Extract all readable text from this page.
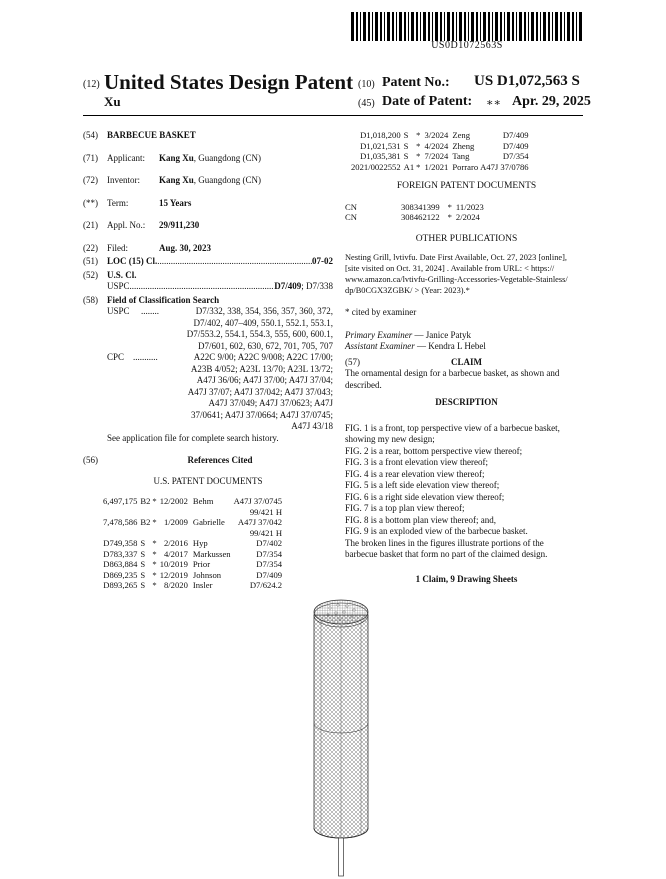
US0D1072563S
(12) United States Design Patent
Xu
(10) Patent No.: US D1,072,563 S
(45) Date of Patent: ∗∗ Apr. 29, 2025
(54)	BARBECUE BASKET
(71)	Applicant:	Kang Xu , Guangdong (CN)
(72)	Inventor:	Kang Xu , Guangdong (CN)
(**)	Term:	15 Years
(21)	Appl. No.:	29/911,230
(22)	Filed:	Aug. 30, 2023
(51)	LOC (15) Cl. .....	07-02
(52)	U.S. Cl.
USPC .....	D7/409 ; D7/338
(58)	Field of Classification Search
USPC	........	D7/332, 338, 354, 356, 357, 360, 372,
D7/402, 407–409, 550.1, 552.1, 553.1,
D7/553.2, 554.1, 554.3, 555, 600, 600.1,
D7/601, 602, 630, 672, 701, 705, 707
CPC ...........	A22C 9/00; A22C 9/008; A22C 17/00;
A23B 4/052; A23L 13/70; A23L 13/72;
A47J 36/06; A47J 37/00; A47J 37/04;
A47J 37/07; A47J 37/042; A47J 37/043;
A47J 37/049; A47J 37/0623; A47J
37/0641; A47J 37/0664; A47J 37/0745;
A47J 43/18
See application file for complete search history.
(56)	References Cited
U.S. PATENT DOCUMENTS
6,497,175	B2	*	12/2002	Behm	A47J 37/0745
99/421 H					
7,478,586	B2	*	1/2009	Gabrielle	A47J 37/042
99/421 H					
D749,358	S	*	2/2016	Hyp	D7/402
D783,337	S	*	4/2017	Markussen	D7/354
D863,884	S	*	10/2019	Prior	D7/354
D869,235	S	*	12/2019	Johnson	D7/409
D893,265	S	*	8/2020	Insler	D7/624.2
D1,018,200	S	*	3/2024	Zeng	D7/409
D1,021,531	S	*	4/2024	Zheng	D7/409
D1,035,381	S	*	7/2024	Tang	D7/354
2021/0022552	A1	*	1/2021	Porraro	A47J 37/0786
FOREIGN PATENT DOCUMENTS
CN	308341399	*	11/2023
CN	308462122	*	2/2024
OTHER PUBLICATIONS
Nesting Grill, lvtivfu. Date First Available, Oct. 27, 2023 [online],
[site visited on Oct. 31, 2024] . Available from URL: < https://
www.amazon.ca/lvtivfu-Grilling-Accessories-Vegetable-Stainless/
dp/B0CGX3ZGBK/ > (Year: 2023).*
* cited by examiner
Primary Examiner — Janice Patyk
Assistant Examiner — Kendra L Hebel
(57)	CLAIM
The ornamental design for a barbecue basket, as shown and
described.
DESCRIPTION
FIG. 1 is a front, top perspective view of a barbecue basket,
showing my new design;
FIG. 2 is a rear, bottom perspective view thereof;
FIG. 3 is a front elevation view thereof;
FIG. 4 is a rear elevation view thereof;
FIG. 5 is a left side elevation view thereof;
FIG. 6 is a right side elevation view thereof;
FIG. 7 is a top plan view thereof;
FIG. 8 is a bottom plan view thereof; and,
FIG. 9 is an exploded view of the barbecue basket.
The broken lines in the figures illustrate portions of the
barbecue basket that form no part of the claimed design.
1 Claim, 9 Drawing Sheets
